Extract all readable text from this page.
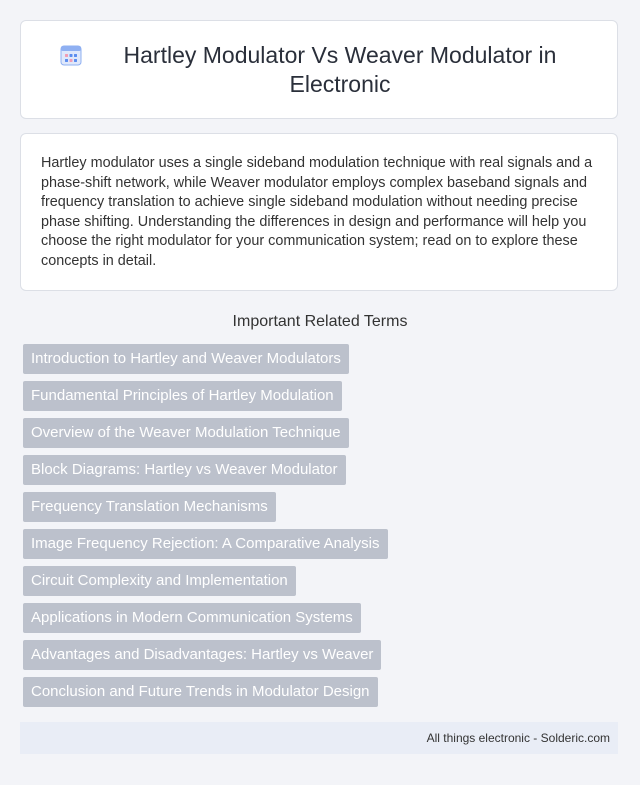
Hartley Modulator Vs Weaver Modulator in Electronic

Hartley modulator uses a single sideband modulation technique with real signals and a phase-shift network, while Weaver modulator employs complex baseband signals and frequency translation to achieve single sideband modulation without needing precise phase shifting. Understanding the differences in design and performance will help you choose the right modulator for your communication system; read on to explore these concepts in detail.

Important Related Terms
Introduction to Hartley and Weaver Modulators
Fundamental Principles of Hartley Modulation
Overview of the Weaver Modulation Technique
Block Diagrams: Hartley vs Weaver Modulator
Frequency Translation Mechanisms
Image Frequency Rejection: A Comparative Analysis
Circuit Complexity and Implementation
Applications in Modern Communication Systems
Advantages and Disadvantages: Hartley vs Weaver
Conclusion and Future Trends in Modulator Design
All things electronic - Solderic.com
